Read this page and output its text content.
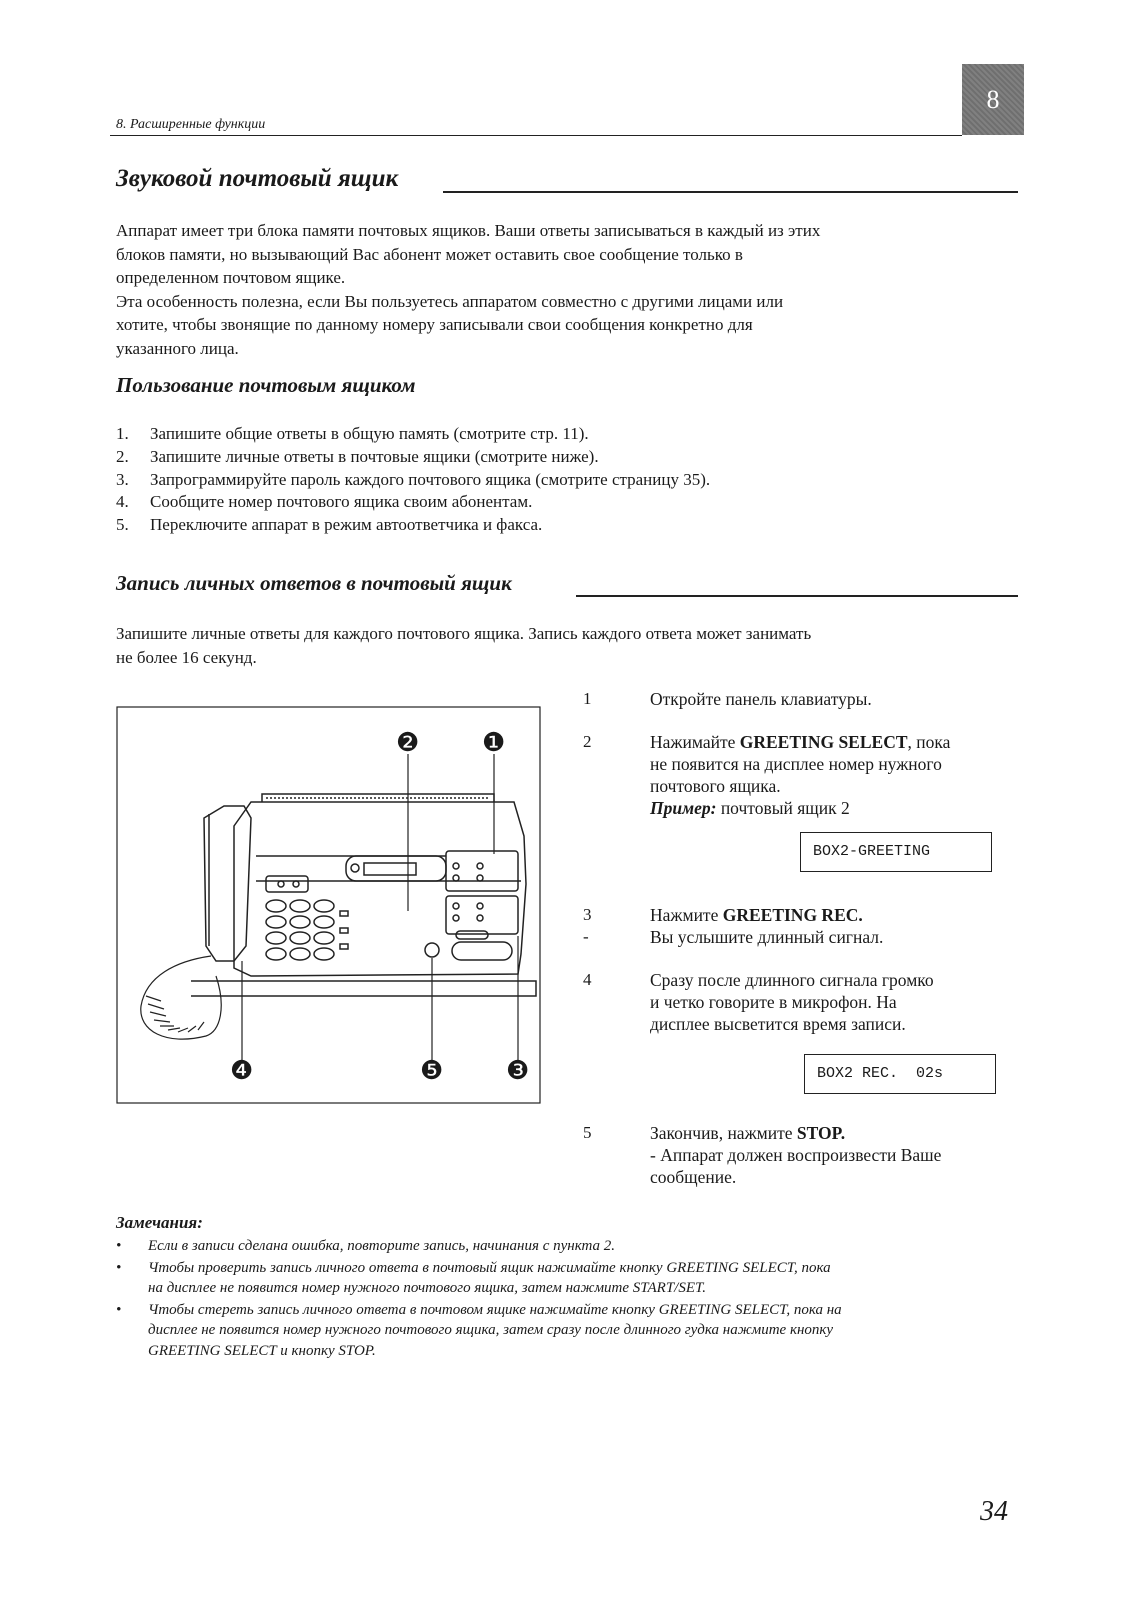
8. Расширенные функции
8
Звуковой почтовый ящик
Аппарат имеет три блока памяти почтовых ящиков. Ваши ответы записываться в каждый из этих
блоков памяти, но вызывающий Вас абонент может оставить свое сообщение только в
определенном почтовом ящике.
Эта особенность полезна, если Вы пользуетесь аппаратом совместно с другими лицами или
хотите, чтобы звонящие по данному номеру записывали свои сообщения конкретно для
указанного лица.
Пользование почтовым ящиком
1.	Запишите общие ответы в общую память (смотрите стр. 11).
2.	Запишите личные ответы в почтовые ящики (смотрите ниже).
3.	Запрограммируйте пароль каждого почтового ящика (смотрите страницу 35).
4.	Сообщите номер почтового ящика своим абонентам.
5.	Переключите аппарат в режим автоответчика и факса.
Запись личных ответов в почтовый ящик
Запишите личные ответы для каждого почтового ящика. Запись каждого ответа может занимать
не более 16 секунд.
❷ ❶
❹	❺ ❸
1	Откройте панель клавиатуры.
2	Нажимайте GREETING SELECT, пока
не появится на дисплее номер нужного
почтового ящика.
Пример: почтовый ящик 2
BOX2-GREETING
3
-
Нажмите GREETING REC.
Вы услышите длинный сигнал.
4	Сразу после длинного сигнала громко
и четко говорите в микрофон. На
дисплее высветится время записи.
BOX2 REC.  02s
5	Закончив, нажмите STOP.
- Аппарат должен воспроизвести Ваше
сообщение.
Замечания:
•	Если в записи сделана ошибка, повторите запись, начинания с пункта 2.
•	Чтобы проверить запись личного ответа в почтовый ящик нажимайте кнопку GREETING SELECT, пока
на дисплее не появится номер нужного почтового ящика, затем нажмите START/SET.
•	Чтобы стереть запись личного ответа в почтовом ящике нажимайте кнопку GREETING SELECT, пока на
дисплее не появится номер нужного почтового ящика, затем сразу после длинного гудка нажмите кнопку
GREETING SELECT и кнопку STOP.
34
